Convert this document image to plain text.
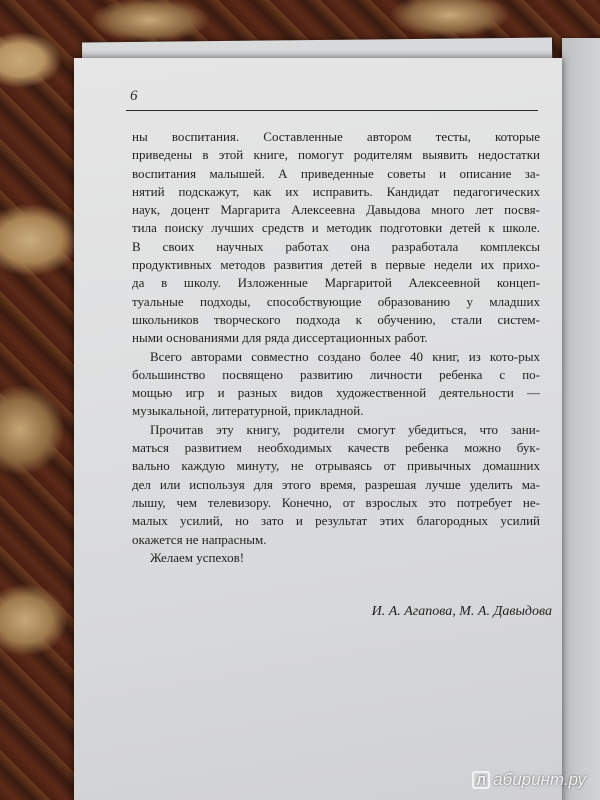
6
ны воспитания. Составленные автором тесты, которые
приведены в этой книге, помогут родителям выявить недостатки
воспитания малышей. А приведенные советы и описание за-
нятий подскажут, как их исправить. Кандидат педагогических
наук, доцент Маргарита Алексеевна Давыдова много лет посвя-
тила поиску лучших средств и методик подготовки детей к школе.
В своих научных работах она разработала комплексы
продуктивных методов развития детей в первые недели их прихо-
да в школу. Изложенные Маргаритой Алексеевной концеп-
туальные подходы, способствующие образованию у младших
школьников творческого подхода к обучению, стали систем-
ными основаниями для ряда диссертационных работ.
Всего авторами совместно создано более 40 книг, из кото-рых
большинство посвящено развитию личности ребенка с по-
мощью игр и разных видов художественной деятельности —
музыкальной, литературной, прикладной.
Прочитав эту книгу, родители смогут убедиться, что зани-
маться развитием необходимых качеств ребенка можно бук-
вально каждую минуту, не отрываясь от привычных домашних
дел или используя для этого время, разрешая лучше уделить ма-
лышу, чем телевизору. Конечно, от взрослых это потребует не-
малых усилий, но зато и результат этих благородных усилий
окажется не напрасным.
Желаем успехов!
И. А. Агапова, М. А. Давыдова
Л абиринт.ру
